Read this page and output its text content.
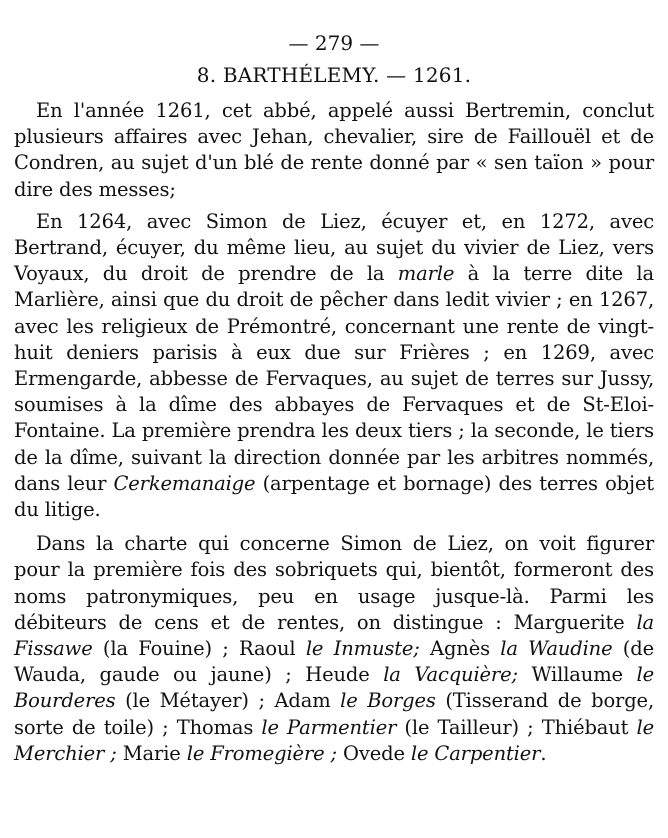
— 279 —
8. BARTHÉLEMY. — 1261.

En l'année 1261, cet abbé, appelé aussi Bertremin, conclut plusieurs affaires avec Jehan, chevalier, sire de Faillouël et de Condren, au sujet d'un blé de rente donné par « sen taïon » pour dire des messes;

En 1264, avec Simon de Liez, écuyer et, en 1272, avec Bertrand, écuyer, du même lieu, au sujet du vivier de Liez, vers Voyaux, du droit de prendre de la marle à la terre dite la Marlière, ainsi que du droit de pêcher dans ledit vivier ; en 1267, avec les religieux de Prémontré, concernant une rente de vingt-huit deniers parisis à eux due sur Frières ; en 1269, avec Ermengarde, abbesse de Fervaques, au sujet de terres sur Jussy, soumises à la dîme des abbayes de Fervaques et de St-Eloi-Fontaine. La première prendra les deux tiers ; la seconde, le tiers de la dîme, suivant la direction donnée par les arbitres nommés, dans leur Cerkemanaige (arpentage et bornage) des terres objet du litige.

Dans la charte qui concerne Simon de Liez, on voit figurer pour la première fois des sobriquets qui, bientôt, formeront des noms patronymiques, peu en usage jusque-là. Parmi les débiteurs de cens et de rentes, on distingue : Marguerite la Fissawe (la Fouine) ; Raoul le Inmuste; Agnès la Waudine (de Wauda, gaude ou jaune) ; Heude la Vacquière; Willaume le Bourderes (le Métayer) ; Adam le Borges (Tisserand de borge, sorte de toile) ; Thomas le Parmentier (le Tailleur) ; Thiébaut le Merchier ; Marie le Fromegière ; Ovede le Carpentier.
